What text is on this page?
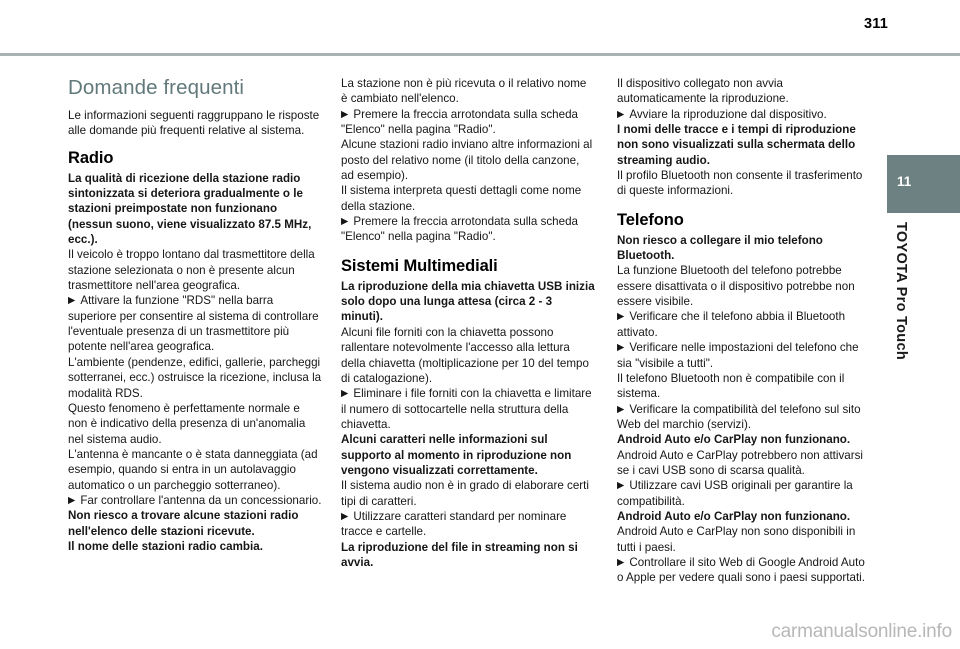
311
11
TOYOTA Pro Touch
Domande frequenti

Le informazioni seguenti raggruppano le risposte alle domande più frequenti relative al sistema.

Radio

La qualità di ricezione della stazione radio sintonizzata si deteriora gradualmente o le stazioni preimpostate non funzionano (nessun suono, viene visualizzato 87.5 MHz, ecc.).

Il veicolo è troppo lontano dal trasmettitore della stazione selezionata o non è presente alcun trasmettitore nell'area geografica.

▶ Attivare la funzione "RDS" nella barra superiore per consentire al sistema di controllare l'eventuale presenza di un trasmettitore più potente nell'area geografica.

L'ambiente (pendenze, edifici, gallerie, parcheggi sotterranei, ecc.) ostruisce la ricezione, inclusa la modalità RDS.

Questo fenomeno è perfettamente normale e non è indicativo della presenza di un'anomalia nel sistema audio.

L'antenna è mancante o è stata danneggiata (ad esempio, quando si entra in un autolavaggio automatico o un parcheggio sotterraneo).

▶ Far controllare l'antenna da un concessionario.

Non riesco a trovare alcune stazioni radio nell'elenco delle stazioni ricevute.

Il nome delle stazioni radio cambia.

La stazione non è più ricevuta o il relativo nome è cambiato nell'elenco.

▶ Premere la freccia arrotondata sulla scheda "Elenco" nella pagina "Radio".

Alcune stazioni radio inviano altre informazioni al posto del relativo nome (il titolo della canzone, ad esempio).

Il sistema interpreta questi dettagli come nome della stazione.

▶ Premere la freccia arrotondata sulla scheda "Elenco" nella pagina "Radio".

Sistemi Multimediali

La riproduzione della mia chiavetta USB inizia solo dopo una lunga attesa (circa 2 - 3 minuti).

Alcuni file forniti con la chiavetta possono rallentare notevolmente l'accesso alla lettura della chiavetta (moltiplicazione per 10 del tempo di catalogazione).

▶ Eliminare i file forniti con la chiavetta e limitare il numero di sottocartelle nella struttura della chiavetta.

Alcuni caratteri nelle informazioni sul supporto al momento in riproduzione non vengono visualizzati correttamente.

Il sistema audio non è in grado di elaborare certi tipi di caratteri.

▶ Utilizzare caratteri standard per nominare tracce e cartelle.

La riproduzione del file in streaming non si avvia.

Il dispositivo collegato non avvia automaticamente la riproduzione.

▶ Avviare la riproduzione dal dispositivo.

I nomi delle tracce e i tempi di riproduzione non sono visualizzati sulla schermata dello streaming audio.

Il profilo Bluetooth non consente il trasferimento di queste informazioni.

Telefono

Non riesco a collegare il mio telefono Bluetooth.

La funzione Bluetooth del telefono potrebbe essere disattivata o il dispositivo potrebbe non essere visibile.

▶ Verificare che il telefono abbia il Bluetooth attivato.

▶ Verificare nelle impostazioni del telefono che sia "visibile a tutti".

Il telefono Bluetooth non è compatibile con il sistema.

▶ Verificare la compatibilità del telefono sul sito Web del marchio (servizi).

Android Auto e/o CarPlay non funzionano.

Android Auto e CarPlay potrebbero non attivarsi se i cavi USB sono di scarsa qualità.

▶ Utilizzare cavi USB originali per garantire la compatibilità.

Android Auto e/o CarPlay non funzionano.

Android Auto e CarPlay non sono disponibili in tutti i paesi.

▶ Controllare il sito Web di Google Android Auto o Apple per vedere quali sono i paesi supportati.

carmanualsonline.info
